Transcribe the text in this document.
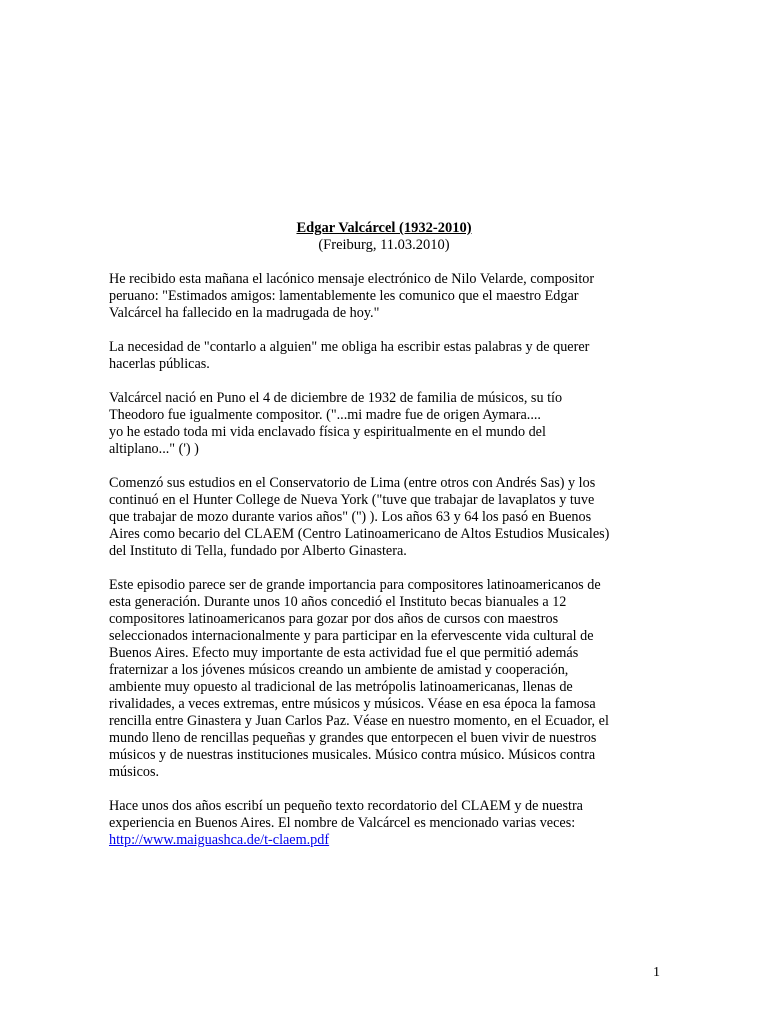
Edgar Valcárcel (1932-2010)
(Freiburg, 11.03.2010)

He recibido esta mañana el lacónico mensaje electrónico de Nilo Velarde, compositor
peruano: "Estimados amigos: lamentablemente les comunico que el maestro Edgar
Valcárcel ha fallecido en la madrugada de hoy."

La necesidad de "contarlo a alguien" me obliga ha escribir estas palabras y de querer
hacerlas públicas.

Valcárcel nació en Puno el 4 de diciembre de 1932 de familia de músicos, su tío
Theodoro fue igualmente compositor. ("...mi madre fue de origen Aymara....
yo he estado toda mi vida enclavado física y espiritualmente en el mundo del
altiplano..." (') )

Comenzó sus estudios en el Conservatorio de Lima (entre otros con Andrés Sas) y los
continuó en el Hunter College de Nueva York ("tuve que trabajar de lavaplatos y tuve
que trabajar de mozo durante varios años" ('') ). Los años 63 y 64 los pasó en Buenos
Aires como becario del CLAEM (Centro Latinoamericano de Altos Estudios Musicales)
del Instituto di Tella, fundado por Alberto Ginastera.

Este episodio parece ser de grande importancia para compositores latinoamericanos de
esta generación. Durante unos 10 años concedió el Instituto becas bianuales a 12
compositores latinoamericanos para gozar por dos años de cursos con maestros
seleccionados internacionalmente y para participar en la efervescente vida cultural de
Buenos Aires. Efecto muy importante de esta actividad fue el que permitió además
fraternizar a los jóvenes músicos creando un ambiente de amistad y cooperación,
ambiente muy opuesto al tradicional de las metrópolis latinoamericanas, llenas de
rivalidades, a veces extremas, entre músicos y músicos. Véase en esa época la famosa
rencilla entre Ginastera y Juan Carlos Paz. Véase en nuestro momento, en el Ecuador, el
mundo lleno de rencillas pequeñas y grandes que entorpecen el buen vivir de nuestros
músicos y de nuestras instituciones musicales. Músico contra músico. Músicos contra
músicos.

Hace unos dos años escribí un pequeño texto recordatorio del CLAEM y de nuestra
experiencia en Buenos Aires. El nombre de Valcárcel es mencionado varias veces:
http://www.maiguashca.de/t-claem.pdf

1
